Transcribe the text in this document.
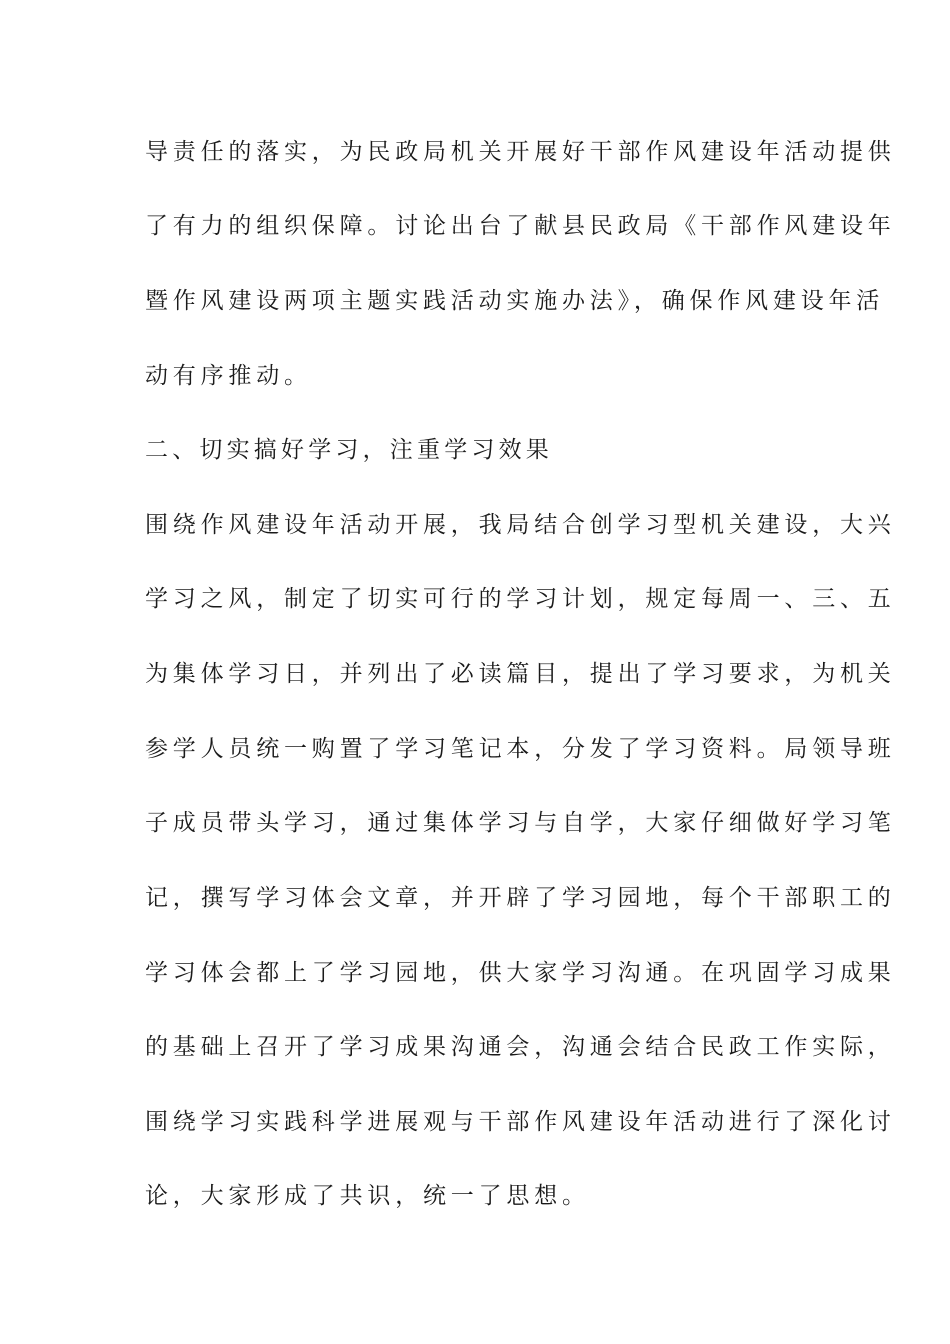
导责任的落实，为民政局机关开展好干部作风建设年活动提供
了有力的组织保障。讨论出台了献县民政局《干部作风建设年
暨作风建设两项主题实践活动实施办法》，确保作风建设年活
动有序推动。
二、切实搞好学习，注重学习效果
围绕作风建设年活动开展，我局结合创学习型机关建设，大兴
学习之风，制定了切实可行的学习计划，规定每周一、三、五
为集体学习日，并列出了必读篇目，提出了学习要求，为机关
参学人员统一购置了学习笔记本，分发了学习资料。局领导班
子成员带头学习，通过集体学习与自学，大家仔细做好学习笔
记，撰写学习体会文章，并开辟了学习园地，每个干部职工的
学习体会都上了学习园地，供大家学习沟通。在巩固学习成果
的基础上召开了学习成果沟通会，沟通会结合民政工作实际，
围绕学习实践科学进展观与干部作风建设年活动进行了深化讨
论，大家形成了共识，统一了思想。
